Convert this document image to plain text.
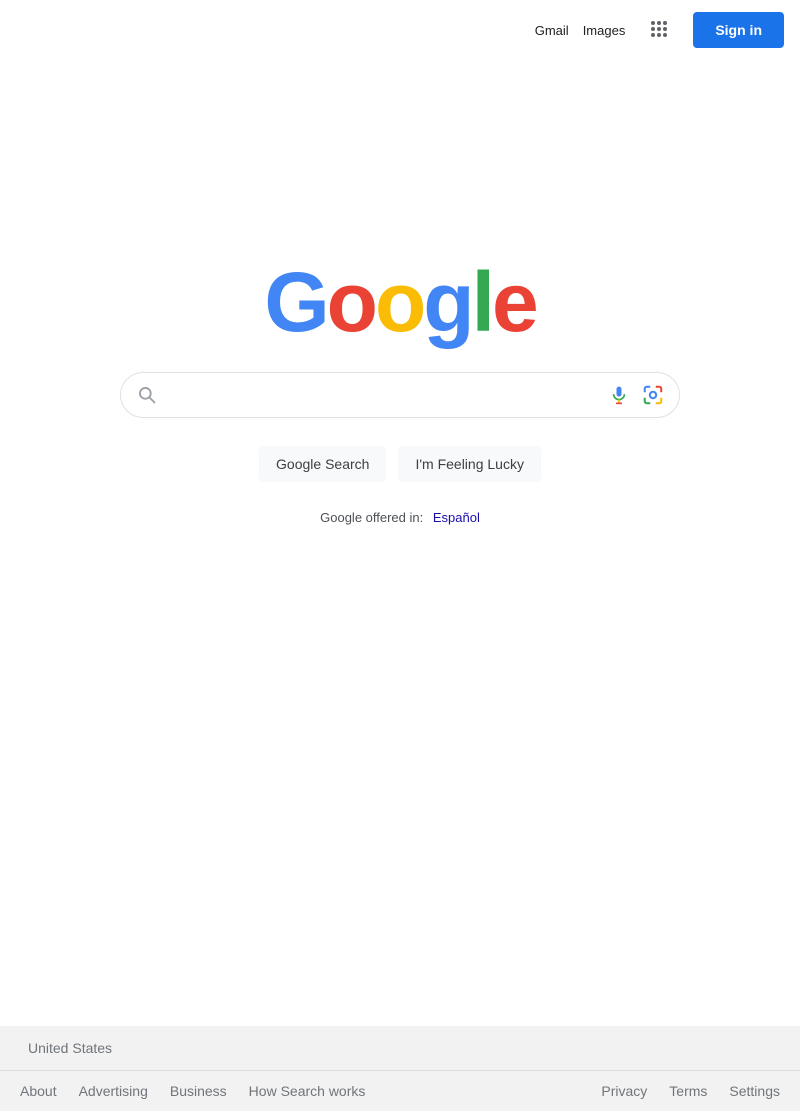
Gmail Images	Sign in
G o o g l e
Google Search	I'm Feeling Lucky
Google offered in: Español
United States
About Advertising Business How Search works	Privacy Terms Settings
